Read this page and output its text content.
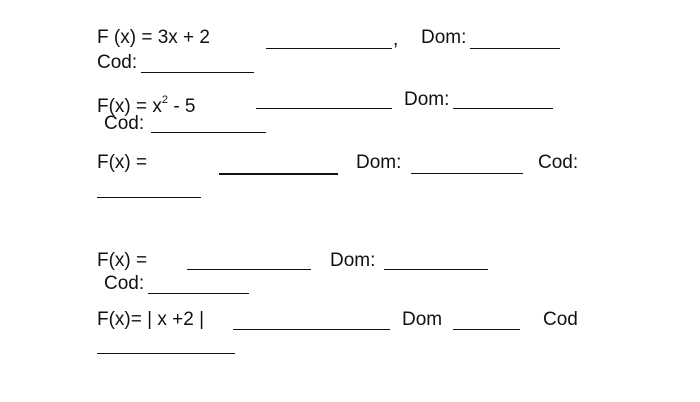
F (x) = 3x + 2	, Dom:
Cod:
$F(x) = x^2 - 5$	Dom:
Cod:
F(x) =	Dom:	Cod:
F(x) =	Dom:
Cod:
F(x)= | x +2 |	Dom	Cod
